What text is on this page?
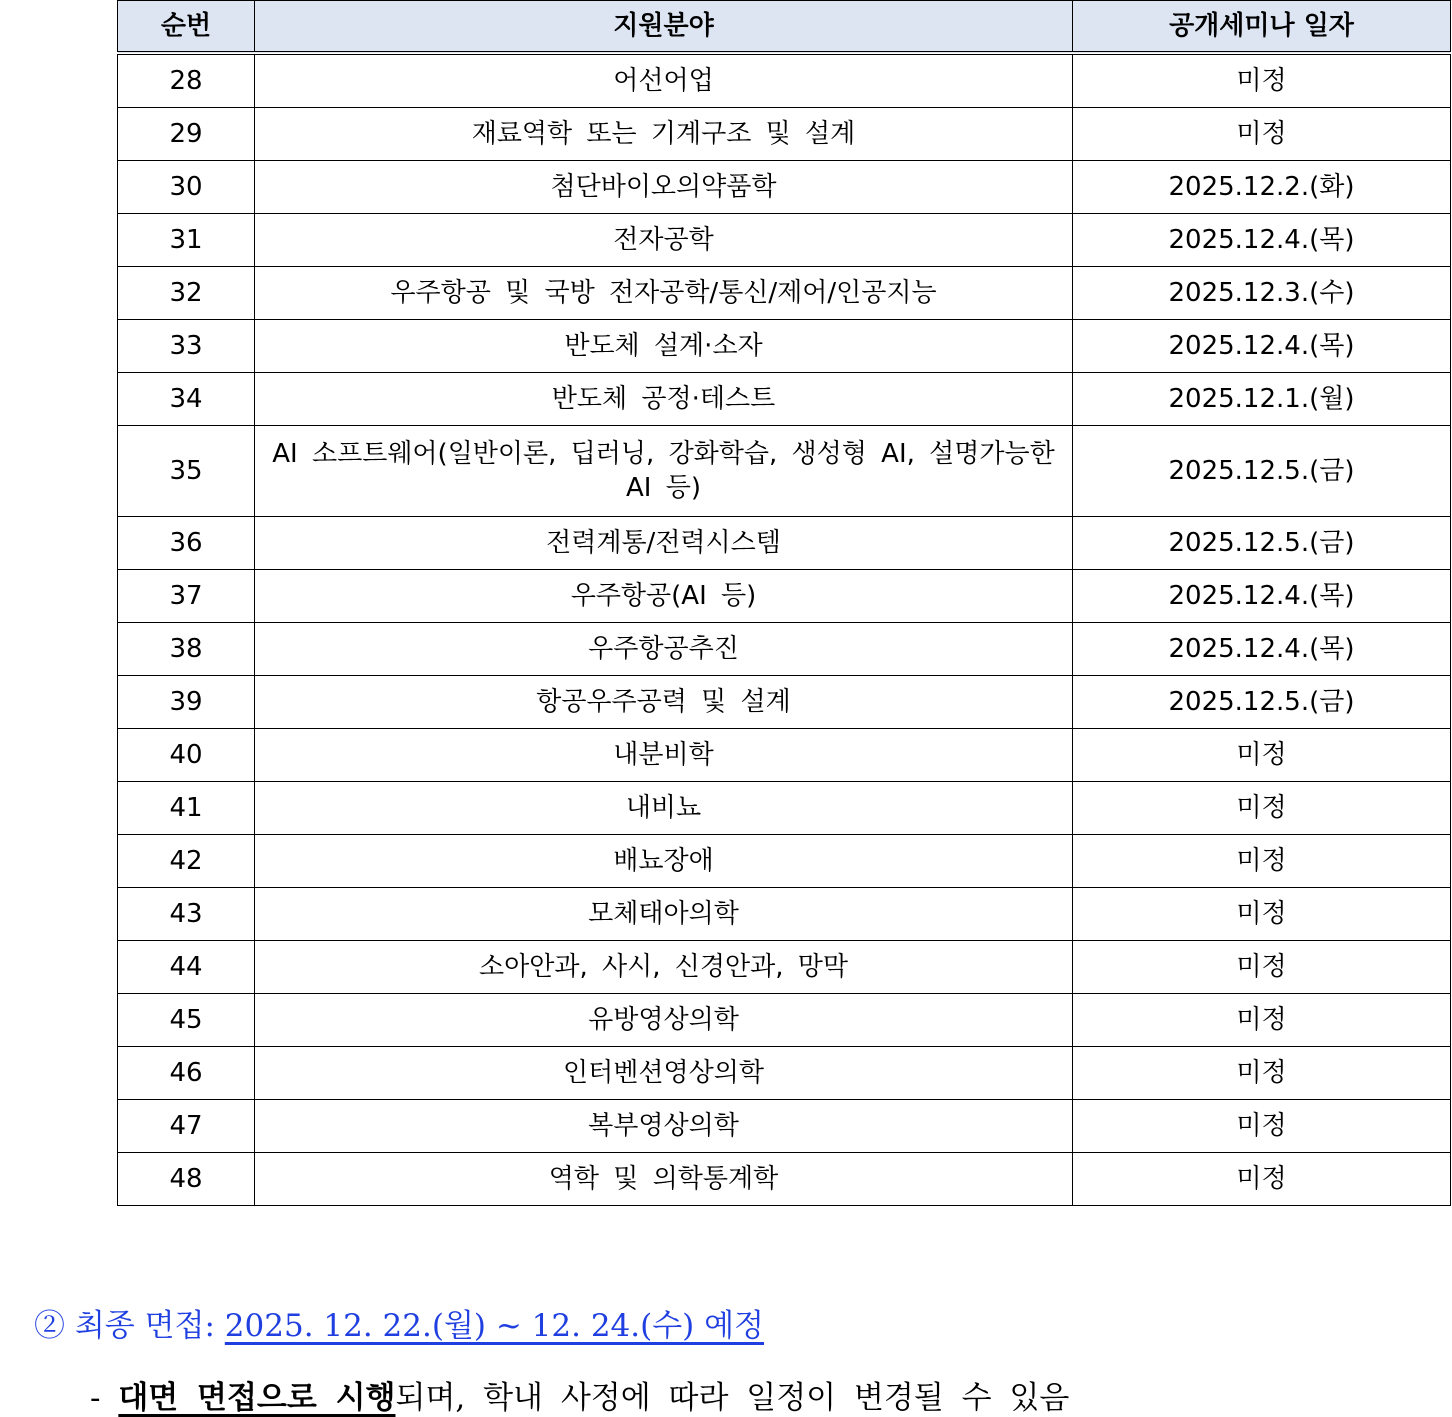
순번	지원분야	공개세미나 일자
28	어선어업	미정
29	재료역학 또는 기계구조 및 설계	미정
30	첨단바이오의약품학	2025.12.2.(화)
31	전자공학	2025.12.4.(목)
32	우주항공 및 국방 전자공학/통신/제어/인공지능	2025.12.3.(수)
33	반도체 설계·소자	2025.12.4.(목)
34	반도체 공정·테스트	2025.12.1.(월)
35	AI 소프트웨어(일반이론, 딥러닝, 강화학습, 생성형 AI, 설명가능한 AI 등)	2025.12.5.(금)
36	전력계통/전력시스템	2025.12.5.(금)
37	우주항공(AI 등)	2025.12.4.(목)
38	우주항공추진	2025.12.4.(목)
39	항공우주공력 및 설계	2025.12.5.(금)
40	내분비학	미정
41	내비뇨	미정
42	배뇨장애	미정
43	모체태아의학	미정
44	소아안과, 사시, 신경안과, 망막	미정
45	유방영상의학	미정
46	인터벤션영상의학	미정
47	복부영상의학	미정
48	역학 및 의학통계학	미정
② 최종 면접: 2025. 12. 22.(월) ~ 12. 24.(수) 예정
- 대면 면접으로 시행되며, 학내 사정에 따라 일정이 변경될 수 있음
